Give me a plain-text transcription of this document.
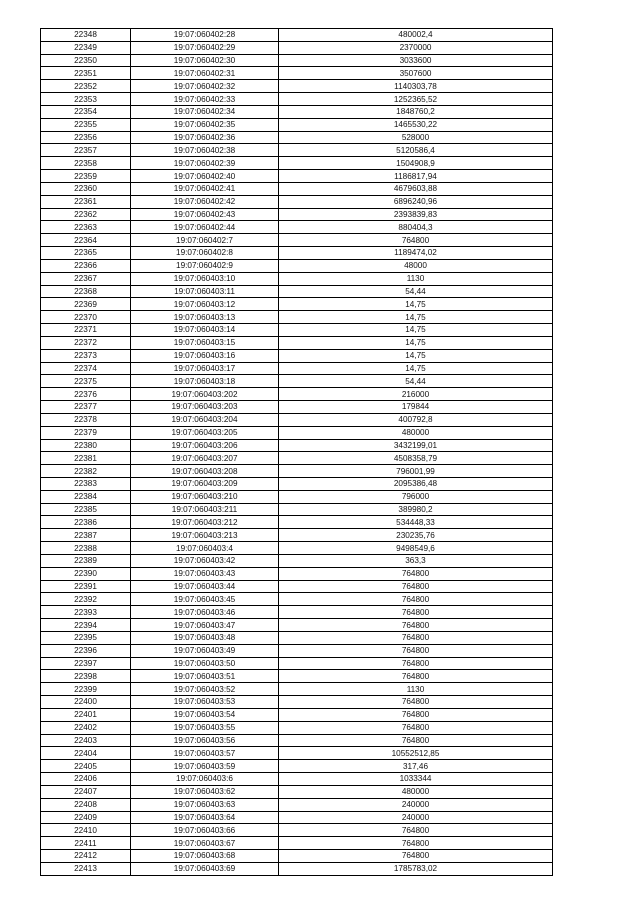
22348	19:07:060402:28	480002,4
22349	19:07:060402:29	2370000
22350	19:07:060402:30	3033600
22351	19:07:060402:31	3507600
22352	19:07:060402:32	1140303,78
22353	19:07:060402:33	1252365,52
22354	19:07:060402:34	1848760,2
22355	19:07:060402:35	1465530,22
22356	19:07:060402:36	528000
22357	19:07:060402:38	5120586,4
22358	19:07:060402:39	1504908,9
22359	19:07:060402:40	1186817,94
22360	19:07:060402:41	4679603,88
22361	19:07:060402:42	6896240,96
22362	19:07:060402:43	2393839,83
22363	19:07:060402:44	880404,3
22364	19:07:060402:7	764800
22365	19:07:060402:8	1189474,02
22366	19:07:060402:9	48000
22367	19:07:060403:10	1130
22368	19:07:060403:11	54,44
22369	19:07:060403:12	14,75
22370	19:07:060403:13	14,75
22371	19:07:060403:14	14,75
22372	19:07:060403:15	14,75
22373	19:07:060403:16	14,75
22374	19:07:060403:17	14,75
22375	19:07:060403:18	54,44
22376	19:07:060403:202	216000
22377	19:07:060403:203	179844
22378	19:07:060403:204	400792,8
22379	19:07:060403:205	480000
22380	19:07:060403:206	3432199,01
22381	19:07:060403:207	4508358,79
22382	19:07:060403:208	796001,99
22383	19:07:060403:209	2095386,48
22384	19:07:060403:210	796000
22385	19:07:060403:211	389980,2
22386	19:07:060403:212	534448,33
22387	19:07:060403:213	230235,76
22388	19:07:060403:4	9498549,6
22389	19:07:060403:42	363,3
22390	19:07:060403:43	764800
22391	19:07:060403:44	764800
22392	19:07:060403:45	764800
22393	19:07:060403:46	764800
22394	19:07:060403:47	764800
22395	19:07:060403:48	764800
22396	19:07:060403:49	764800
22397	19:07:060403:50	764800
22398	19:07:060403:51	764800
22399	19:07:060403:52	1130
22400	19:07:060403:53	764800
22401	19:07:060403:54	764800
22402	19:07:060403:55	764800
22403	19:07:060403:56	764800
22404	19:07:060403:57	10552512,85
22405	19:07:060403:59	317,46
22406	19:07:060403:6	1033344
22407	19:07:060403:62	480000
22408	19:07:060403:63	240000
22409	19:07:060403:64	240000
22410	19:07:060403:66	764800
22411	19:07:060403:67	764800
22412	19:07:060403:68	764800
22413	19:07:060403:69	1785783,02
